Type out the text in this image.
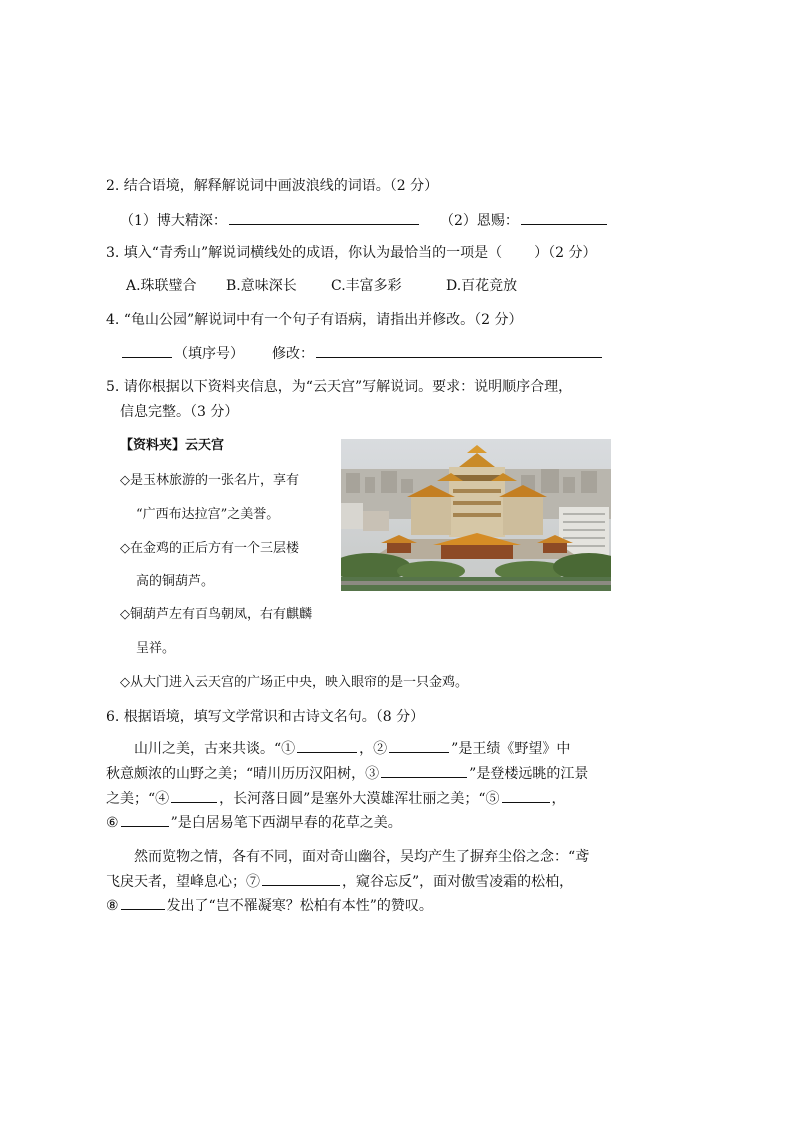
2. 结合语境，解释解说词中画波浪线的词语。（2 分）
（1）博大精深：	（2）恩赐：
3. 填入“青秀山”解说词横线处的成语，你认为最恰当的一项是（ ）（2 分）
A.珠联璧合 B.意味深长 C.丰富多彩	D.百花竞放
4. “龟山公园”解说词中有一个句子有语病，请指出并修改。（2 分）
（填序号） 修改：
5. 请你根据以下资料夹信息，为“云天宫”写解说词。要求：说明顺序合理，
信息完整。（3 分）
【资料夹】云天宫
◇是玉林旅游的一张名片，享有
“广西布达拉宫”之美誉。
◇在金鸡的正后方有一个三层楼
高的铜葫芦。
◇铜葫芦左有百鸟朝凤，右有麒麟
呈祥。
◇从大门进入云天宫的广场正中央，映入眼帘的是一只金鸡。
6. 根据语境，填写文学常识和古诗文名句。（8 分）
山川之美，古来共谈。“①	，②	”是王绩《野望》中
秋意颇浓的山野之美；“晴川历历汉阳树，③	”是登楼远眺的江景
之美；“④	，长河落日圆”是塞外大漠雄浑壮丽之美；“⑤	，
⑥	”是白居易笔下西湖早春的花草之美。
然而览物之情，各有不同，面对奇山幽谷，吴均产生了摒弃尘俗之念：“鸢
飞戾天者，望峰息心；⑦	，窥谷忘反”，面对傲雪凌霜的松柏，
⑧	发出了“岂不罹凝寒？松柏有本性”的赞叹。
